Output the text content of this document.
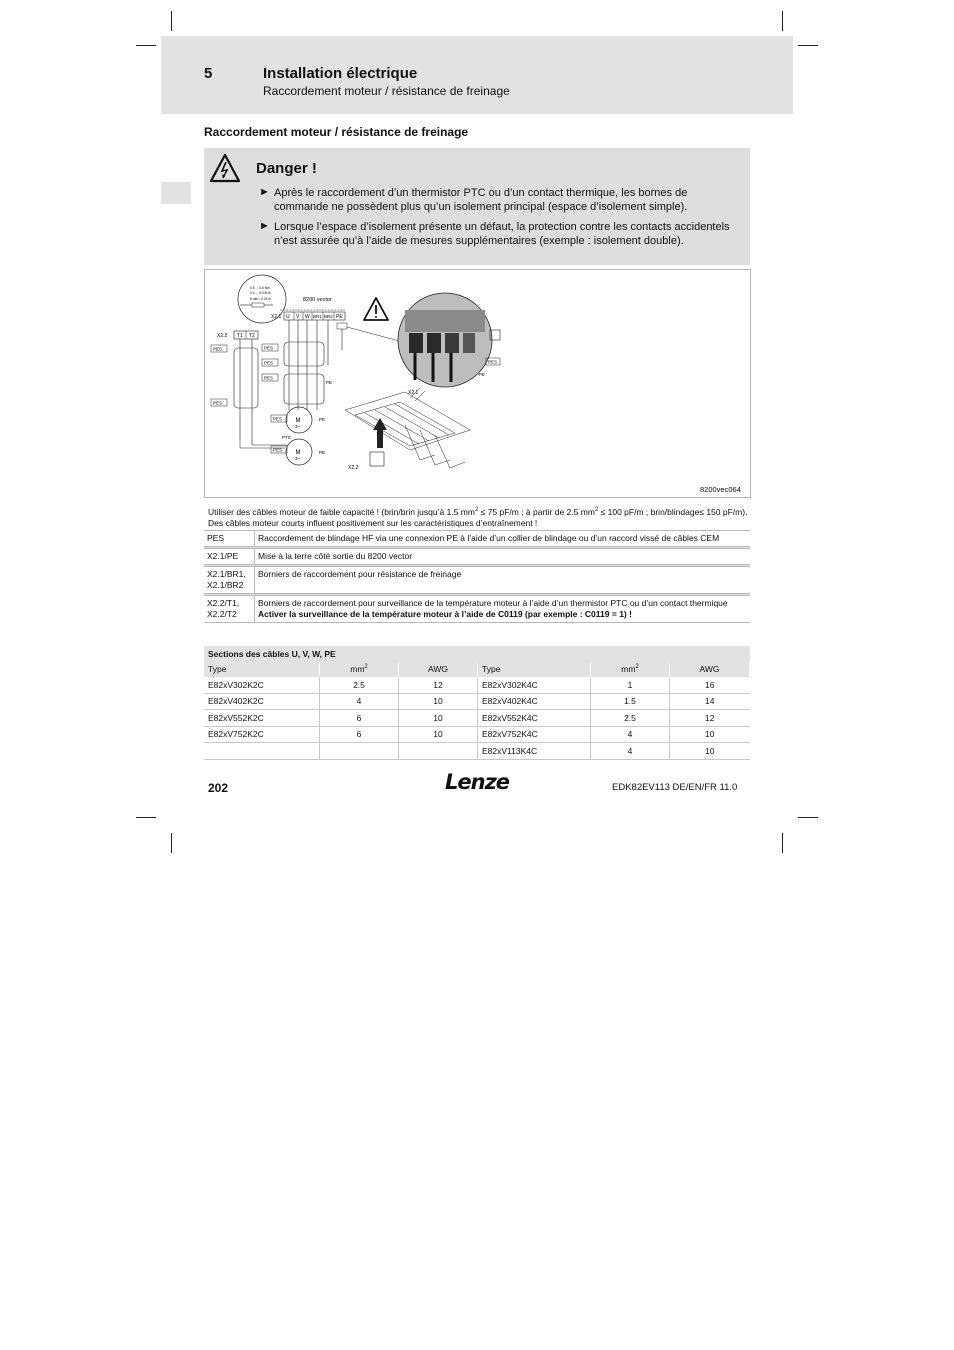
5	Installation électrique
Raccordement moteur / résistance de freinage
Raccordement moteur / résistance de freinage
Danger !
► Après le raccordement d’un thermistor PTC ou d’un contact thermique, les bornes de commande ne possèdent plus qu’un isolement principal (espace d’isolement simple).
► Lorsque l’espace d’isolement présente un défaut, la protection contre les contacts accidentels n’est assurée qu’à l’aide de mesures supplémentaires (exemple : isolement double).
0.5 ... 0.6 Nm
4.4 ... 5.3 lb-in
6 mm / 0.24 in	8200 vector
X2.1 U V W BR1 BR2 PE
X2.2 T1 T2
PES	PES
PES
PES
PES
PES
PES
PE
M
3~
PE
PTC
M
3~
PE
PES
PE
X2.1
X2.2
8200vec064
Utiliser des câbles moteur de faible capacité ! (brin/brin jusqu’à 1.5 $mm^2 \le 75$ pF/m ; à partir de 2.5 $mm^2 \le 100$ pF/m ; brin/blindage≤ 150 pF/m). Des câbles moteur courts influent positivement sur les caractéristiques d’entraînement !
PES	Raccordement de blindage HF via une connexion PE à l’aide d’un collier de blindage ou d’un raccord vissé de câbles CEM

X2.1/PE	Mise à la terre côté sortie du 8200 vector

X2.1/BR1, X2.1/BR2	Borniers de raccordement pour résistance de freinage

X2.2/T1, X2.2/T2	Borniers de raccordement pour surveillance de la température moteur à l’aide d’un thermistor PTC ou d’un contact thermique
Activer la surveillance de la température moteur à l’aide de C0119 (par exemple : C0119 = 1) !
Sections des câbles U, V, W, PE					
Type	$mm^2$	AWG	Type	$mm^2$	AWG
E82xV302K2C	2.5	12	E82xV302K4C	1	16
E82xV402K2C	4	10	E82xV402K4C	1.5	14
E82xV552K2C	6	10	E82xV552K4C	2.5	12
E82xV752K2C	6	10	E82xV752K4C	4	10
			E82xV113K4C	4	10
202	Lenze	EDK82EV113 DE/EN/FR 11.0
